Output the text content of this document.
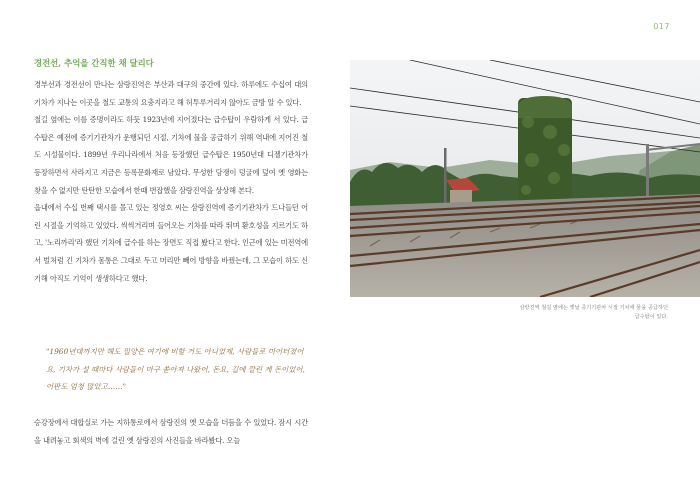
017
경전선, 추억을 간직한 채 달리다

경부선과 경전선이 만나는 삼랑진역은 부산과 대구의 중간에 있다. 하루에도 수십여 대의 기차가 지나는 이곳을 철도 교통의 요충지라고 해 허투루거리지 않아도 금방 알 수 있다.

철길 옆에는 이를 증명이라도 하듯 1923년에 지어졌다는 급수탑이 우람하게 서 있다. 급수탑은 예전에 증기기관차가 운행되던 시절, 기차에 물을 공급하기 위해 역내에 지어진 철도 시설물이다. 1899년 우리나라에서 처음 등장했던 급수탑은 1950년대 디젤기관차가 등장하면서 사라지고 지금은 등록문화재로 남았다. 무성한 담쟁이 덩굴에 덮여 옛 영화는 찾을 수 없지만 탄탄한 모습에서 한때 번잡했을 삼랑진역을 상상해 본다.

읍내에서 수십 번째 택시를 몰고 있는 정영호 씨는 삼랑진역에 증기기관차가 드나들던 어린 시절을 기억하고 있었다. 씩씩거리며 들어오는 기차를 따라 뛰며 환호성을 지르기도 하고, '노리까리'라 했던 기차에 급수를 하는 장면도 직접 봤다고 한다. 인근에 있는 미전역에서 벌처럼 긴 기차가 몸통은 그대로 두고 머리만 빼어 방향을 바꿨는데, 그 모습이 하도 신기해 아직도 기억이 생생하다고 했다.

"1960년대까지만 해도 밀양은 여기에 비할 거도 아니었제, 사람들로 미어터졌어요, 기차가 설 때마다 사람들이 마구 쏟아져 나왔어, 돈요, 길에 깔린 게 돈이었어, 어판도 엄청 많았고……"

승강장에서 대합실로 가는 지하통로에서 삼랑진의 옛 모습을 더듬을 수 있었다. 잠시 시간을 내려놓고 회색의 벽에 걸린 옛 삼랑진의 사진들을 바라봤다. 오늘

삼랑진역 철길 옆에는 옛날 증기기관차 시절 기차에 물을 공급하던 급수탑이 있다.
